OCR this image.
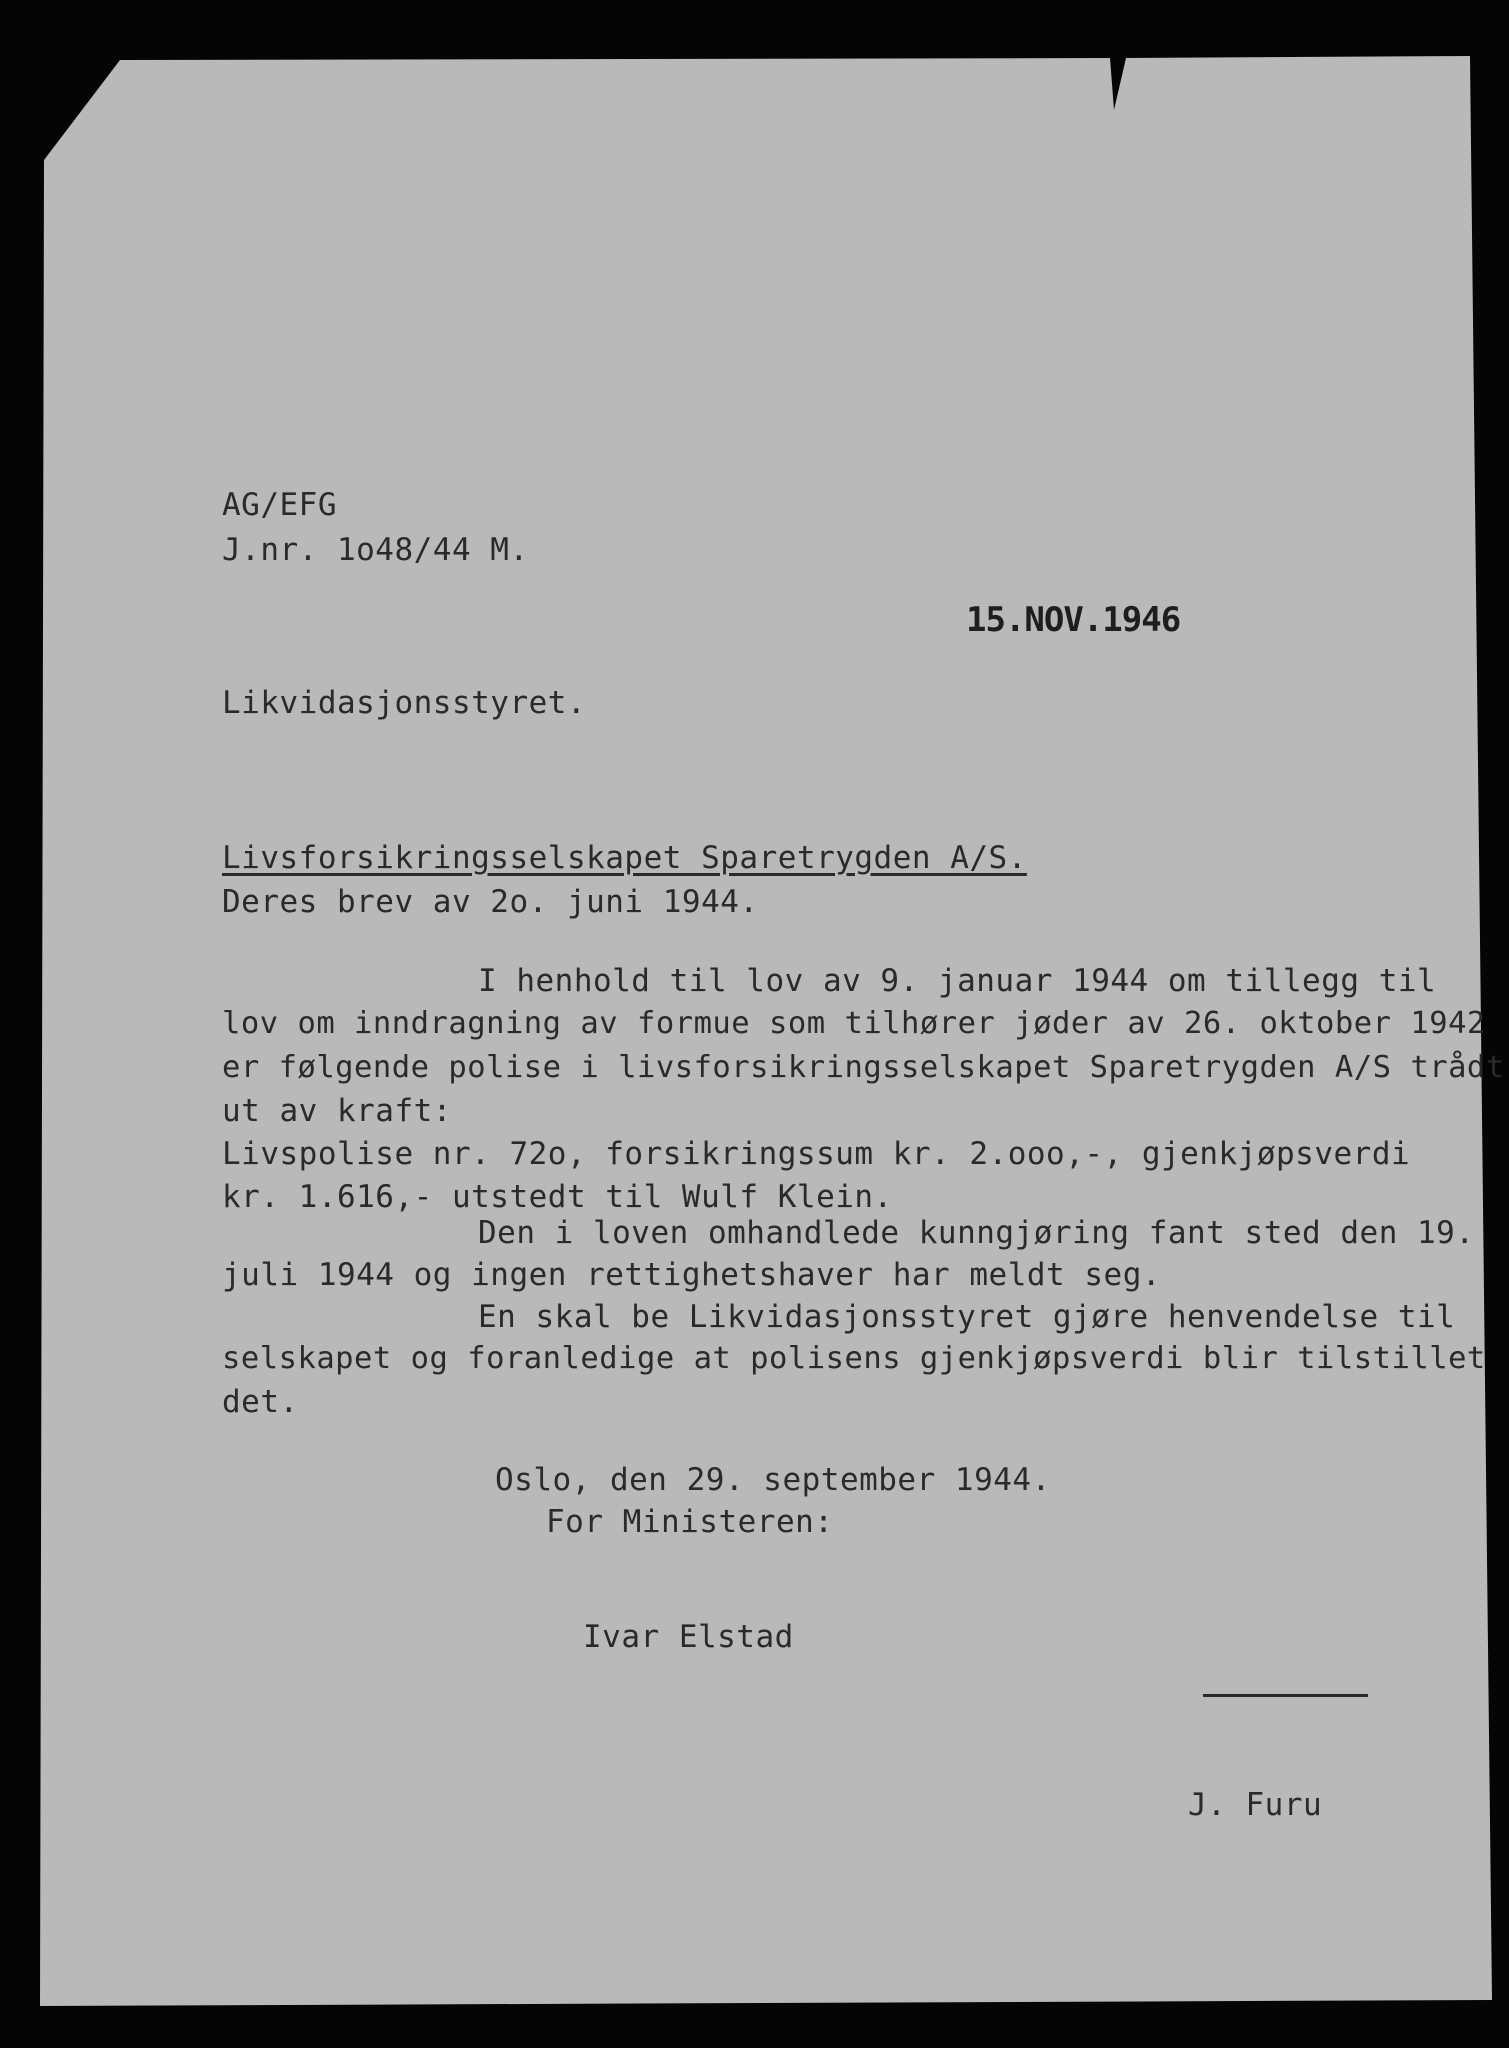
AG/EFG
J.nr. 1o48/44 M.
15.NOV.1946
Likvidasjonsstyret.
Livsforsikringsselskapet Sparetrygden A/S.
Deres brev av 2o. juni 1944.
I henhold til lov av 9. januar 1944 om tillegg til
lov om inndragning av formue som tilhører jøder av 26. oktober 1942
er følgende polise i livsforsikringsselskapet Sparetrygden A/S trådt
ut av kraft:
Livspolise nr. 72o, forsikringssum kr. 2.ooo,-, gjenkjøpsverdi
kr. 1.616,- utstedt til Wulf Klein.
Den i loven omhandlede kunngjøring fant sted den 19.
juli 1944 og ingen rettighetshaver har meldt seg.
En skal be Likvidasjonsstyret gjøre henvendelse til
selskapet og foranledige at polisens gjenkjøpsverdi blir tilstillet
det.
Oslo, den 29. september 1944.
For Ministeren:
Ivar Elstad
J. Furu
